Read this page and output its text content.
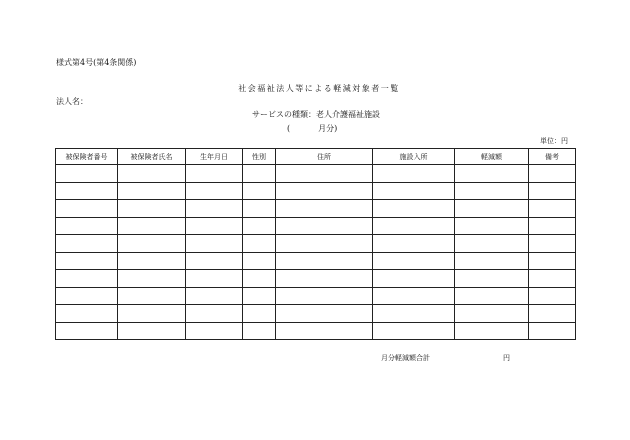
様式第4号(第4条関係)
社会福祉法人等による軽減対象者一覧
法人名：
サービスの種類：老人介護福祉施設
(	月分)
単位：円
被保険者番号	被保険者氏名	生年月日	性別	住所	施設入所	軽減額	備考

月分軽減額合計	円
